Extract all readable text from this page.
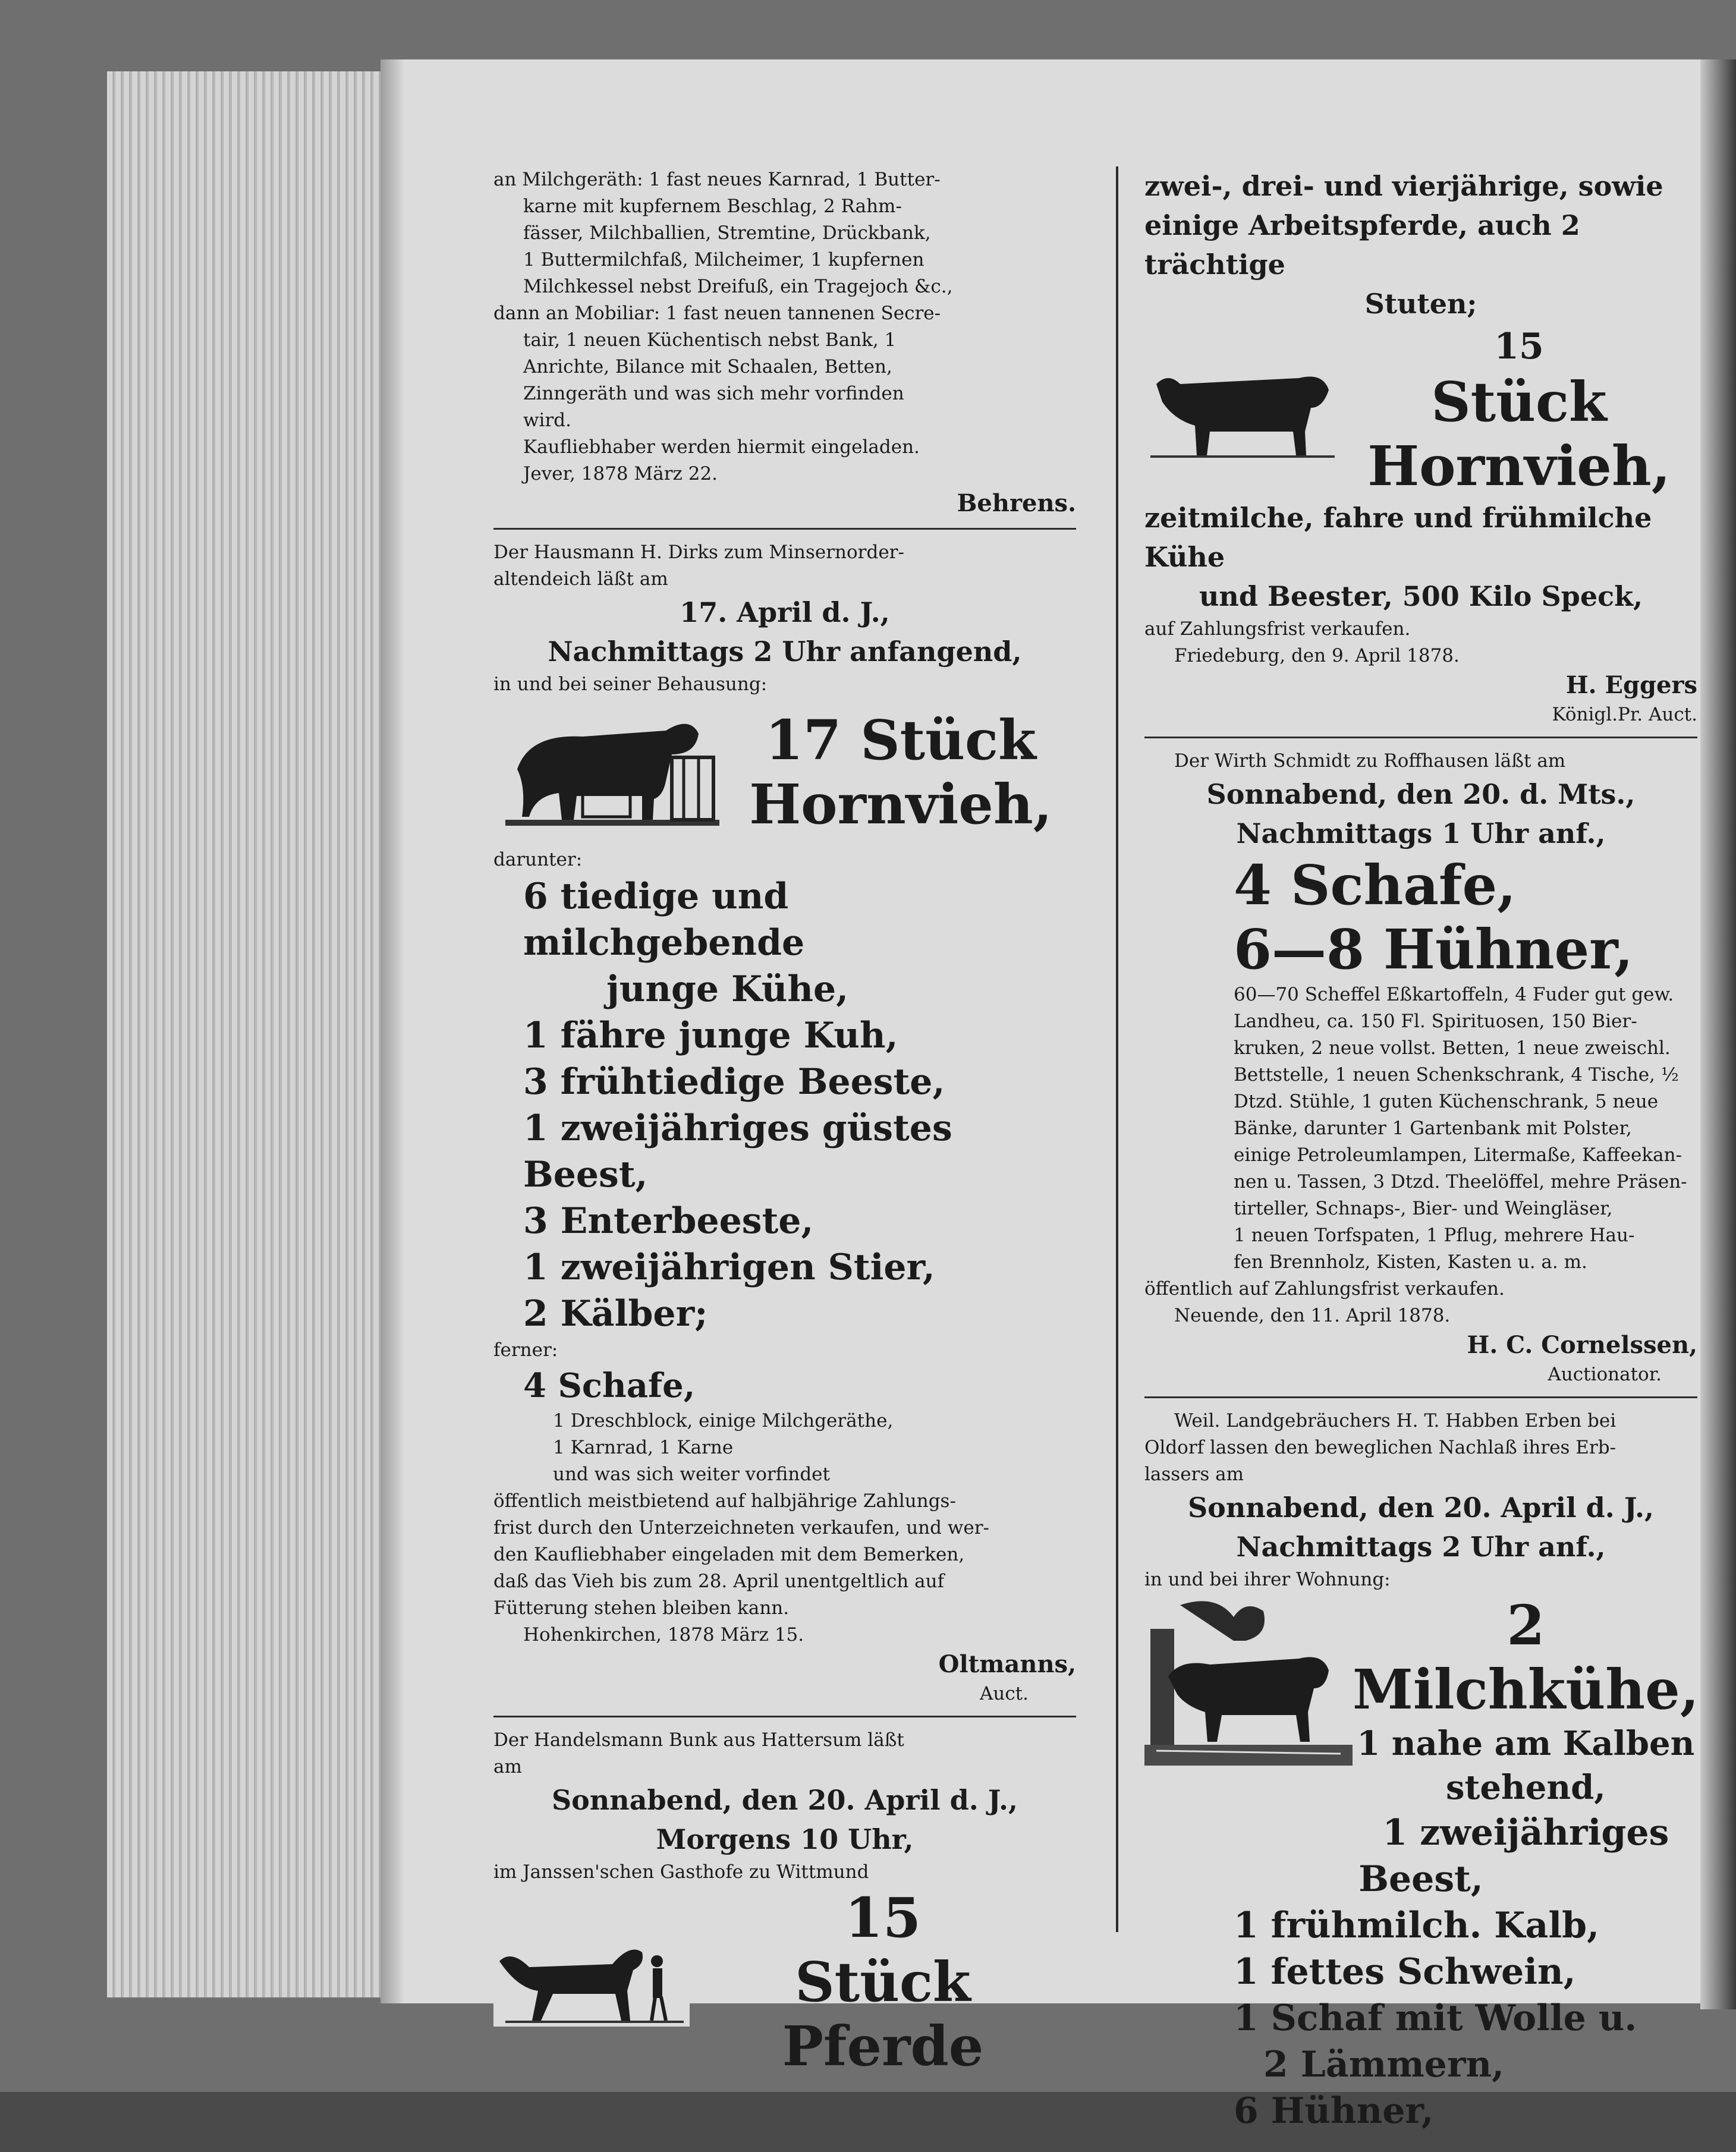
an Milchgeräth: 1 fast neues Karnrad, 1 Butter-
karne mit kupfernem Beschlag, 2 Rahm-
fässer, Milchballien, Stremtine, Drückbank,
1 Buttermilchfaß, Milcheimer, 1 kupfernen
Milchkessel nebst Dreifuß, ein Tragejoch &c.,
dann an Mobiliar: 1 fast neuen tannenen Secre-
tair, 1 neuen Küchentisch nebst Bank, 1
Anrichte, Bilance mit Schaalen, Betten,
Zinngeräth und was sich mehr vorfinden
wird.
Kaufliebhaber werden hiermit eingeladen.
Jever, 1878 März 22.
Behrens.
Der Hausmann H. Dirks zum Minsernorder-
altendeich läßt am
17. April d. J.,
Nachmittags 2 Uhr anfangend,
in und bei seiner Behausung:
17 Stück
Hornvieh,
darunter:
6 tiedige und milchgebende
junge Kühe,
1 fähre junge Kuh,
3 frühtiedige Beeste,
1 zweijähriges güstes Beest,
3 Enterbeeste,
1 zweijährigen Stier,
2 Kälber;
ferner:
4 Schafe,
1 Dreschblock, einige Milchgeräthe,
1 Karnrad, 1 Karne
und was sich weiter vorfindet
öffentlich meistbietend auf halbjährige Zahlungs-
frist durch den Unterzeichneten verkaufen, und wer-
den Kaufliebhaber eingeladen mit dem Bemerken,
daß das Vieh bis zum 28. April unentgeltlich auf
Fütterung stehen bleiben kann.
Hohenkirchen, 1878 März 15.
Oltmanns,
Auct.
Der Handelsmann Bunk aus Hattersum läßt
am
Sonnabend, den 20. April d. J.,
Morgens 10 Uhr,
im Janssen'schen Gasthofe zu Wittmund
15
Stück Pferde
zwei-, drei- und vierjährige, sowie
einige Arbeitspferde, auch 2 trächtige
Stuten;
15
Stück Hornvieh,
zeitmilche, fahre und frühmilche Kühe
und Beester, 500 Kilo Speck,
auf Zahlungsfrist verkaufen.
Friedeburg, den 9. April 1878.
H. Eggers
Königl.Pr. Auct.
Der Wirth Schmidt zu Roffhausen läßt am
Sonnabend, den 20. d. Mts.,
Nachmittags 1 Uhr anf.,
4 Schafe,
6—8 Hühner,
60—70 Scheffel Eßkartoffeln, 4 Fuder gut gew.
Landheu, ca. 150 Fl. Spirituosen, 150 Bier-
kruken, 2 neue vollst. Betten, 1 neue zweischl.
Bettstelle, 1 neuen Schenkschrank, 4 Tische, ½
Dtzd. Stühle, 1 guten Küchenschrank, 5 neue
Bänke, darunter 1 Gartenbank mit Polster,
einige Petroleumlampen, Litermaße, Kaffeekan-
nen u. Tassen, 3 Dtzd. Theelöffel, mehre Präsen-
tirteller, Schnaps-, Bier- und Weingläser,
1 neuen Torfspaten, 1 Pflug, mehrere Hau-
fen Brennholz, Kisten, Kasten u. a. m.
öffentlich auf Zahlungsfrist verkaufen.
Neuende, den 11. April 1878.
H. C. Cornelssen,
Auctionator.
Weil. Landgebräuchers H. T. Habben Erben bei
Oldorf lassen den beweglichen Nachlaß ihres Erb-
lassers am
Sonnabend, den 20. April d. J.,
Nachmittags 2 Uhr anf.,
in und bei ihrer Wohnung:
2 Milchkühe,
1 nahe am Kalben
stehend,
1 zweijähriges
Beest,
1 frühmilch. Kalb,
1 fettes Schwein,
1 Schaf mit Wolle u.
2 Lämmern,
6 Hühner,
